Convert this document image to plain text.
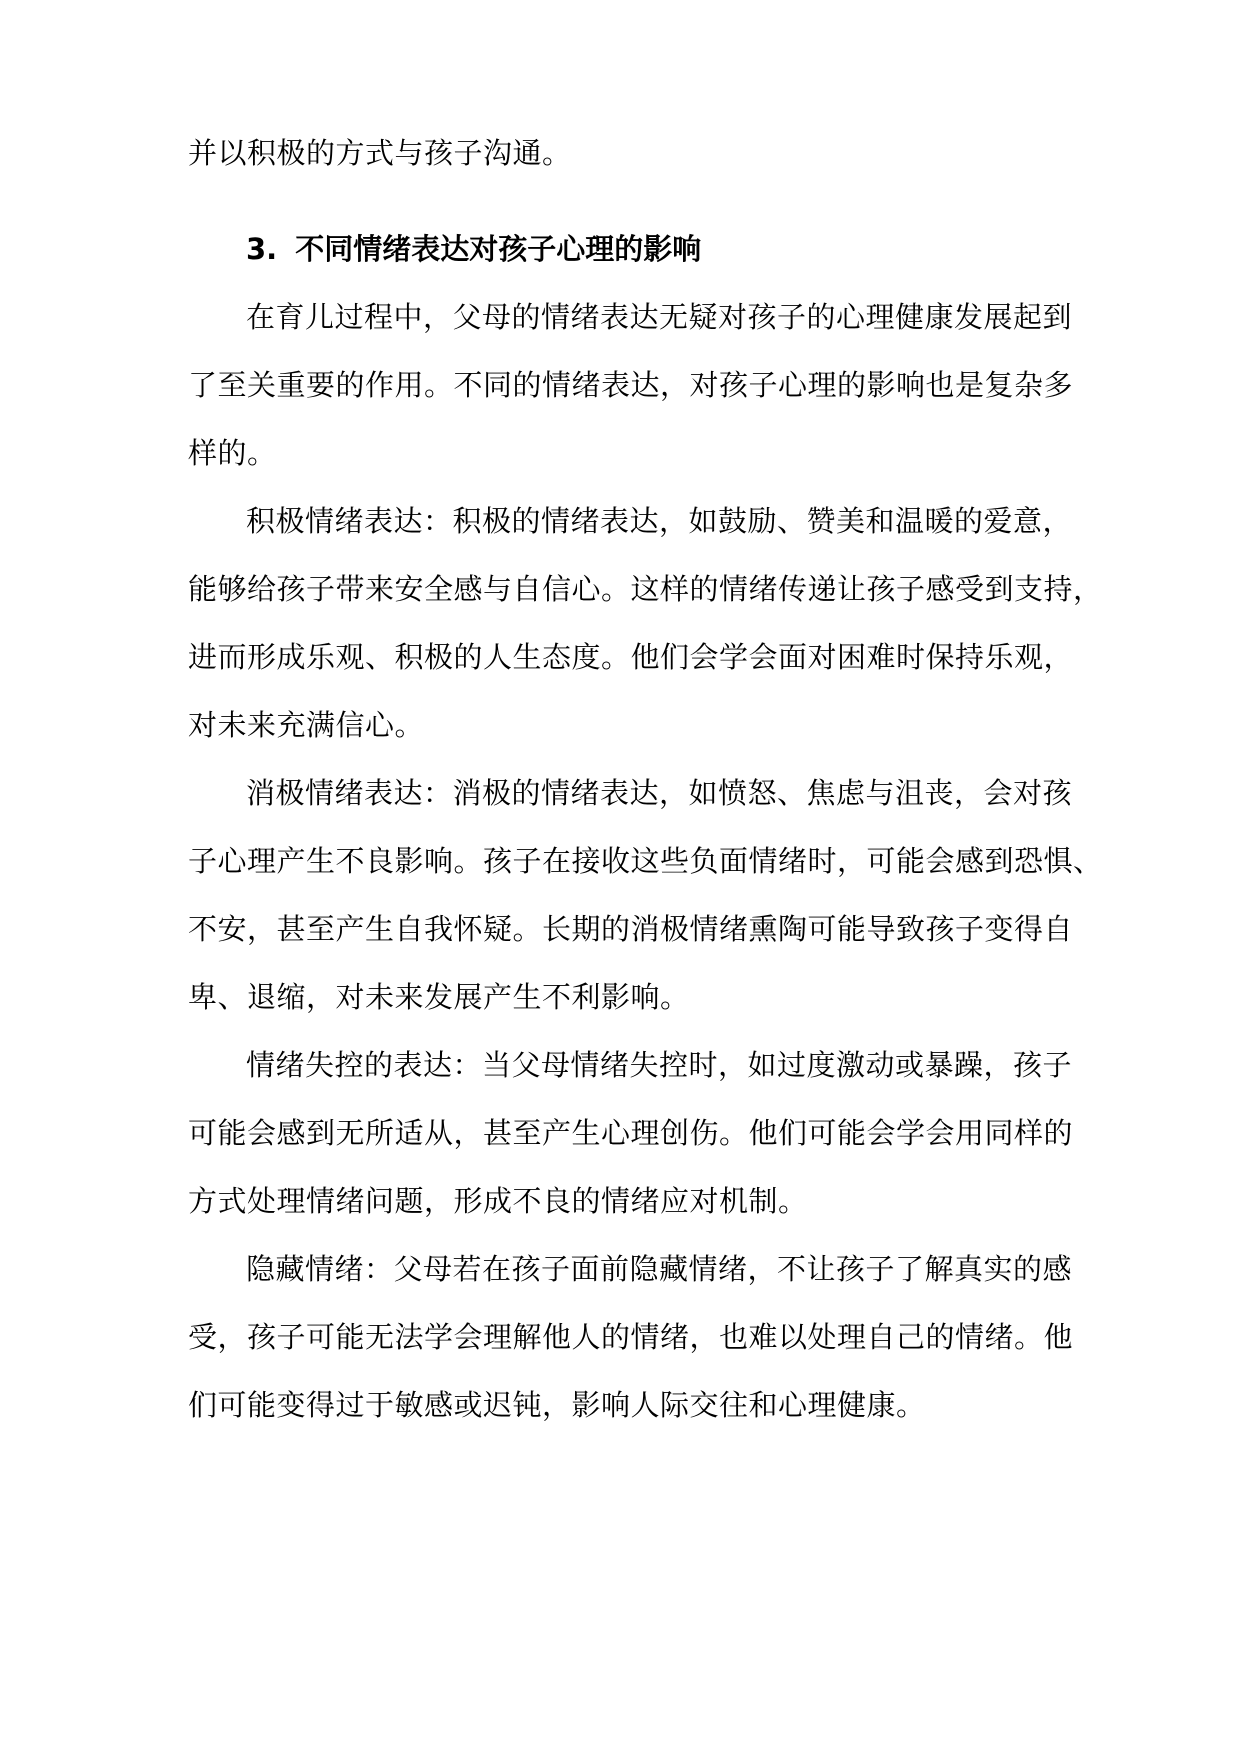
并以积极的方式与孩子沟通。

3. 不同情绪表达对孩子心理的影响

在育儿过程中，父母的情绪表达无疑对孩子的心理健康发展起到

了至关重要的作用。不同的情绪表达，对孩子心理的影响也是复杂多

样的。

积极情绪表达：积极的情绪表达，如鼓励、赞美和温暖的爱意，

能够给孩子带来安全感与自信心。这样的情绪传递让孩子感受到支持，

进而形成乐观、积极的人生态度。他们会学会面对困难时保持乐观，

对未来充满信心。

消极情绪表达：消极的情绪表达，如愤怒、焦虑与沮丧，会对孩

子心理产生不良影响。孩子在接收这些负面情绪时，可能会感到恐惧、

不安，甚至产生自我怀疑。长期的消极情绪熏陶可能导致孩子变得自

卑、退缩，对未来发展产生不利影响。

情绪失控的表达：当父母情绪失控时，如过度激动或暴躁，孩子

可能会感到无所适从，甚至产生心理创伤。他们可能会学会用同样的

方式处理情绪问题，形成不良的情绪应对机制。

隐藏情绪：父母若在孩子面前隐藏情绪，不让孩子了解真实的感

受，孩子可能无法学会理解他人的情绪，也难以处理自己的情绪。他

们可能变得过于敏感或迟钝，影响人际交往和心理健康。
